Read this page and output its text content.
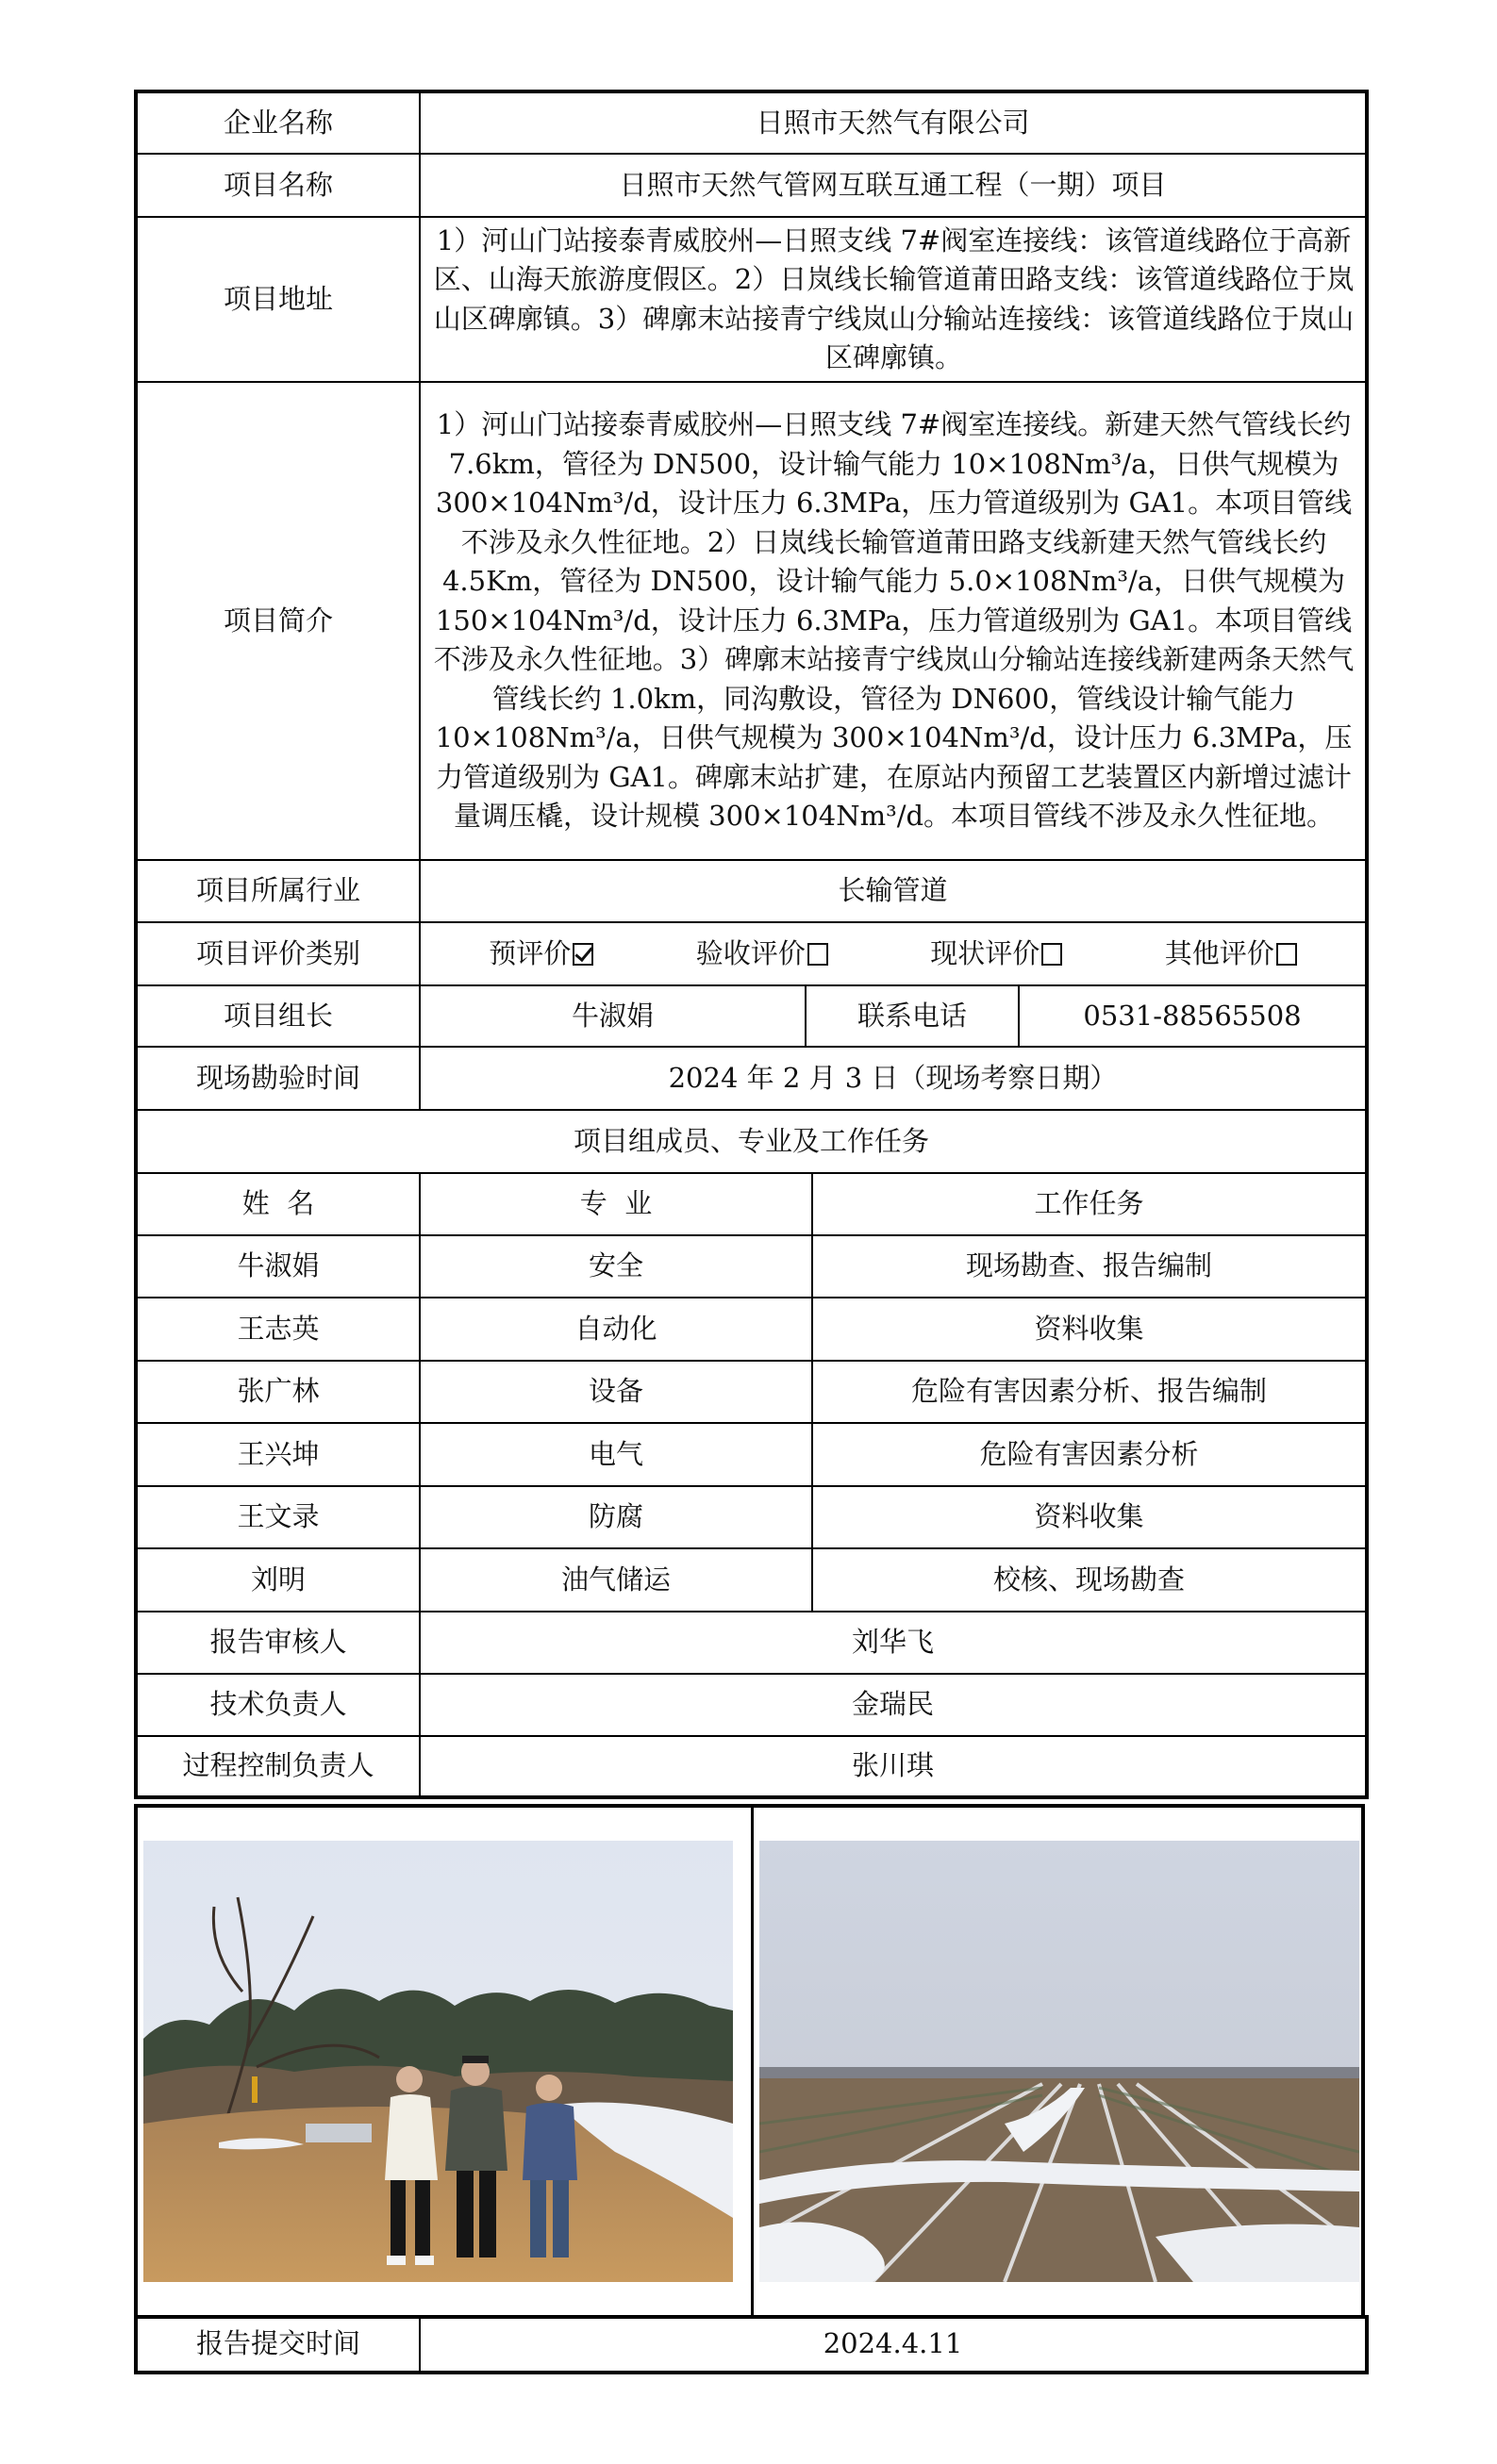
企业名称	日照市天然气有限公司			
项目名称	日照市天然气管网互联互通工程（一期）项目			
项目地址	1）河山门站接泰青威胶州—日照支线 7#阀室连接线：该管道线路位于高新区、山海天旅游度假区。2）日岚线长输管道莆田路支线：该管道线路位于岚山区碑廓镇。3）碑廓末站接青宁线岚山分输站连接线：该管道线路位于岚山区碑廓镇。			
项目简介	1）河山门站接泰青威胶州—日照支线 7#阀室连接线。新建天然气管线长约 7.6km，管径为 DN500，设计输气能力 10×108Nm³/a，日供气规模为 300×104Nm³/d，设计压力 6.3MPa，压力管道级别为 GA1。本项目管线不涉及永久性征地。2）日岚线长输管道莆田路支线新建天然气管线长约 4.5Km，管径为 DN500，设计输气能力 5.0×108Nm³/a，日供气规模为 150×104Nm³/d，设计压力 6.3MPa，压力管道级别为 GA1。本项目管线不涉及永久性征地。3）碑廓末站接青宁线岚山分输站连接线新建两条天然气管线长约 1.0km，同沟敷设，管径为 DN600，管线设计输气能力 10×108Nm³/a，日供气规模为 300×104Nm³/d，设计压力 6.3MPa，压力管道级别为 GA1。碑廓末站扩建，在原站内预留工艺装置区内新增过滤计量调压橇，设计规模 300×104Nm³/d。本项目管线不涉及永久性征地。			
项目所属行业	长输管道			
项目评价类别	预评价 验收评价 现状评价 其他评价			

项目组长	牛淑娟	联系电话		0531-88565508
现场勘验时间	2024 年 2 月 3 日（现场考察日期）			
项目组成员、专业及工作任务				
姓  名	专  业		工作任务	
牛淑娟	安全		现场勘查、报告编制	
王志英	自动化		资料收集	
张广林	设备		危险有害因素分析、报告编制	
王兴坤	电气		危险有害因素分析	
王文录	防腐		资料收集	
刘明	油气储运		校核、现场勘查	
报告审核人	刘华飞			
技术负责人	金瑞民			
过程控制负责人	张川琪			
报告提交时间	2024.4.11
